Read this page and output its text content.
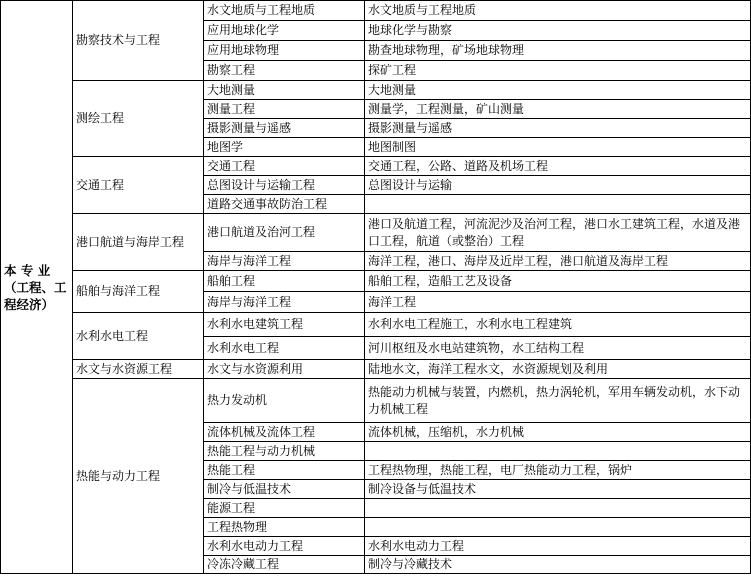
本 专 业（工程、工程经济）	勘察技术与工程	水文地质与工程地质	水文地质与工程地质
		应用地球化学	地球化学与勘察
		应用地球物理	勘查地球物理，矿场地球物理
		勘察工程	探矿工程
	测绘工程	大地测量	大地测量
		测量工程	测量学，工程测量，矿山测量
		摄影测量与遥感	摄影测量与遥感
		地图学	地图制图
	交通工程	交通工程	交通工程，公路、道路及机场工程
		总图设计与运输工程	总图设计与运输
		道路交通事故防治工程	
	港口航道与海岸工程	港口航道及治河工程	港口及航道工程，河流泥沙及治河工程，港口水工建筑工程，水道及港口工程，航道（或整治）工程
		海岸与海洋工程	海洋工程，港口、海岸及近岸工程，港口航道及海岸工程
	船舶与海洋工程	船舶工程	船舶工程，造船工艺及设备
		海岸与海洋工程	海洋工程
	水利水电工程	水利水电建筑工程	水利水电工程施工，水利水电工程建筑
		水利水电工程	河川枢纽及水电站建筑物，水工结构工程
	水文与水资源工程	水文与水资源利用	陆地水文，海洋工程水文，水资源规划及利用
	热能与动力工程	热力发动机	热能动力机械与装置，内燃机，热力涡轮机，军用车辆发动机，水下动力机械工程
		流体机械及流体工程	流体机械，压缩机，水力机械
		热能工程与动力机械	
		热能工程	工程热物理，热能工程，电厂热能动力工程，锅炉
		制冷与低温技术	制冷设备与低温技术
		能源工程	
		工程热物理	
		水利水电动力工程	水利水电动力工程
		冷冻冷藏工程	制冷与冷藏技术
